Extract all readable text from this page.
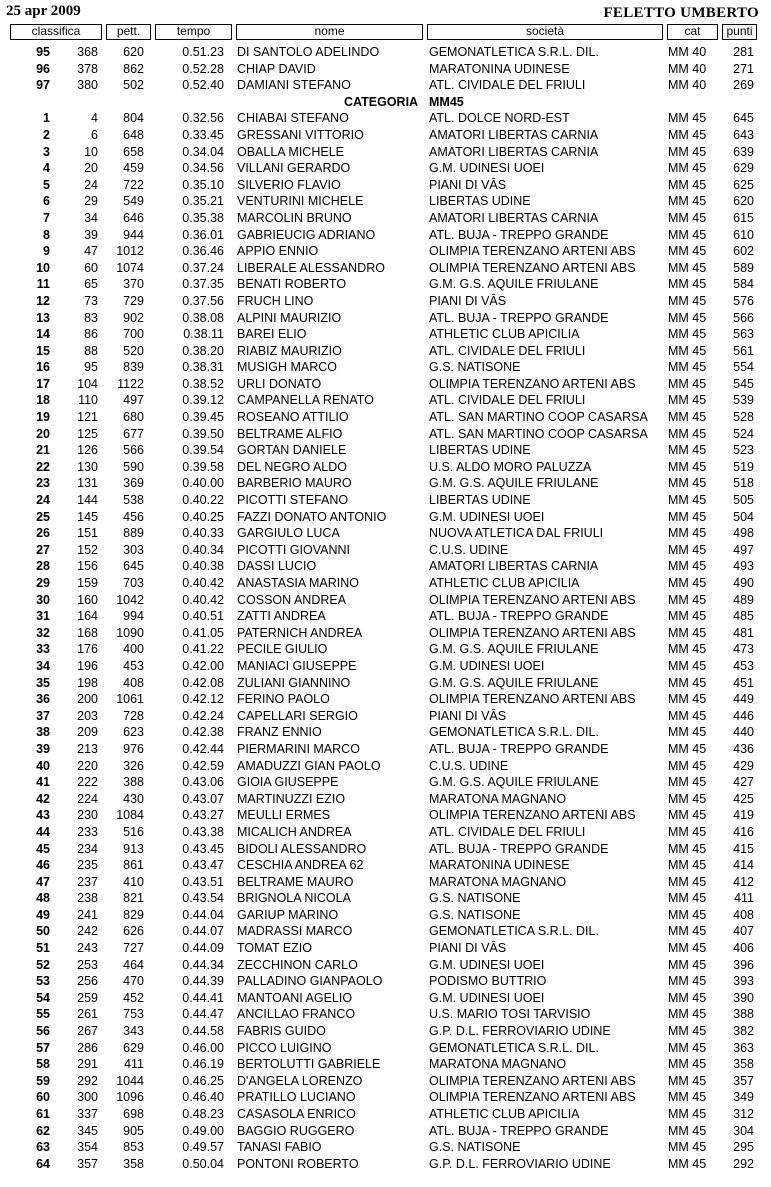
25 apr 2009	FELETTO UMBERTO
classifica	pett.	tempo	nome	società	cat	punti
95	368	620	0.51.23 DI SANTOLO ADELINDO	GEMONATLETICA S.R.L. DIL.	MM 40	281
96	378	862	0.52.28 CHIAP DAVID	MARATONINA UDINESE	MM 40	271
97	380	502	0.52.40 DAMIANI STEFANO	ATL. CIVIDALE DEL FRIULI	MM 40	269
CATEGORIA MM45
1	4	804	0.32.56 CHIABAI STEFANO	ATL. DOLCE NORD-EST	MM 45	645
2	6	648	0.33.45 GRESSANI VITTORIO	AMATORI LIBERTAS CARNIA	MM 45	643
3	10	658	0.34.04 OBALLA MICHELE	AMATORI LIBERTAS CARNIA	MM 45	639
4	20	459	0.34.56 VILLANI GERARDO	G.M. UDINESI UOEI	MM 45	629
5	24	722	0.35.10 SILVERIO FLAVIO	PIANI DI VÂS	MM 45	625
6	29	549	0.35.21 VENTURINI MICHELE	LIBERTAS UDINE	MM 45	620
7	34	646	0.35.38 MARCOLIN BRUNO	AMATORI LIBERTAS CARNIA	MM 45	615
8	39	944	0.36.01 GABRIEUCIG ADRIANO	ATL. BUJA - TREPPO GRANDE	MM 45	610
9	47	1012	0.36.46 APPIO ENNIO	OLIMPIA TERENZANO ARTENI ABS	MM 45	602
10	60	1074	0.37.24 LIBERALE ALESSANDRO	OLIMPIA TERENZANO ARTENI ABS	MM 45	589
11	65	370	0.37.35 BENATI ROBERTO	G.M. G.S. AQUILE FRIULANE	MM 45	584
12	73	729	0.37.56 FRUCH LINO	PIANI DI VÂS	MM 45	576
13	83	902	0.38.08 ALPINI MAURIZIO	ATL. BUJA - TREPPO GRANDE	MM 45	566
14	86	700	0.38.11 BAREI ELIO	ATHLETIC CLUB APICILIA	MM 45	563
15	88	520	0.38.20 RIABIZ MAURIZIO	ATL. CIVIDALE DEL FRIULI	MM 45	561
16	95	839	0.38.31 MUSIGH MARCO	G.S. NATISONE	MM 45	554
17	104	1122	0.38.52 URLI DONATO	OLIMPIA TERENZANO ARTENI ABS	MM 45	545
18	110	497	0.39.12 CAMPANELLA RENATO	ATL. CIVIDALE DEL FRIULI	MM 45	539
19	121	680	0.39.45 ROSEANO ATTILIO	ATL. SAN MARTINO COOP CASARSA MM 45	528
20	125	677	0.39.50 BELTRAME ALFIO	ATL. SAN MARTINO COOP CASARSA MM 45	524
21	126	566	0.39.54 GORTAN DANIELE	LIBERTAS UDINE	MM 45	523
22	130	590	0.39.58 DEL NEGRO ALDO	U.S. ALDO MORO PALUZZA	MM 45	519
23	131	369	0.40.00 BARBERIO MAURO	G.M. G.S. AQUILE FRIULANE	MM 45	518
24	144	538	0.40.22 PICOTTI STEFANO	LIBERTAS UDINE	MM 45	505
25	145	456	0.40.25 FAZZI DONATO ANTONIO	G.M. UDINESI UOEI	MM 45	504
26	151	889	0.40.33 GARGIULO LUCA	NUOVA ATLETICA DAL FRIULI	MM 45	498
27	152	303	0.40.34 PICOTTI GIOVANNI	C.U.S. UDINE	MM 45	497
28	156	645	0.40.38 DASSI LUCIO	AMATORI LIBERTAS CARNIA	MM 45	493
29	159	703	0.40.42 ANASTASIA MARINO	ATHLETIC CLUB APICILIA	MM 45	490
30	160	1042	0.40.42 COSSON ANDREA	OLIMPIA TERENZANO ARTENI ABS	MM 45	489
31	164	994	0.40.51 ZATTI ANDREA	ATL. BUJA - TREPPO GRANDE	MM 45	485
32	168	1090	0.41.05 PATERNICH ANDREA	OLIMPIA TERENZANO ARTENI ABS	MM 45	481
33	176	400	0.41.22 PECILE GIULIO	G.M. G.S. AQUILE FRIULANE	MM 45	473
34	196	453	0.42.00 MANIACI GIUSEPPE	G.M. UDINESI UOEI	MM 45	453
35	198	408	0.42.08 ZULIANI GIANNINO	G.M. G.S. AQUILE FRIULANE	MM 45	451
36	200	1061	0.42.12 FERINO PAOLO	OLIMPIA TERENZANO ARTENI ABS	MM 45	449
37	203	728	0.42.24 CAPELLARI SERGIO	PIANI DI VÂS	MM 45	446
38	209	623	0.42.38 FRANZ ENNIO	GEMONATLETICA S.R.L. DIL.	MM 45	440
39	213	976	0.42.44 PIERMARINI MARCO	ATL. BUJA - TREPPO GRANDE	MM 45	436
40	220	326	0.42.59 AMADUZZI GIAN PAOLO	C.U.S. UDINE	MM 45	429
41	222	388	0.43.06 GIOIA GIUSEPPE	G.M. G.S. AQUILE FRIULANE	MM 45	427
42	224	430	0.43.07 MARTINUZZI EZIO	MARATONA MAGNANO	MM 45	425
43	230	1084	0.43.27 MEULLI ERMES	OLIMPIA TERENZANO ARTENI ABS	MM 45	419
44	233	516	0.43.38 MICALICH ANDREA	ATL. CIVIDALE DEL FRIULI	MM 45	416
45	234	913	0.43.45 BIDOLI ALESSANDRO	ATL. BUJA - TREPPO GRANDE	MM 45	415
46	235	861	0.43.47 CESCHIA ANDREA 62	MARATONINA UDINESE	MM 45	414
47	237	410	0.43.51 BELTRAME MAURO	MARATONA MAGNANO	MM 45	412
48	238	821	0.43.54 BRIGNOLA NICOLA	G.S. NATISONE	MM 45	411
49	241	829	0.44.04 GARIUP MARINO	G.S. NATISONE	MM 45	408
50	242	626	0.44.07 MADRASSI MARCO	GEMONATLETICA S.R.L. DIL.	MM 45	407
51	243	727	0.44.09 TOMAT EZIO	PIANI DI VÂS	MM 45	406
52	253	464	0.44.34 ZECCHINON CARLO	G.M. UDINESI UOEI	MM 45	396
53	256	470	0.44.39 PALLADINO GIANPAOLO	PODISMO BUTTRIO	MM 45	393
54	259	452	0.44.41 MANTOANI AGELIO	G.M. UDINESI UOEI	MM 45	390
55	261	753	0.44.47 ANCILLAO FRANCO	U.S. MARIO TOSI TARVISIO	MM 45	388
56	267	343	0.44.58 FABRIS GUIDO	G.P. D.L. FERROVIARIO UDINE	MM 45	382
57	286	629	0.46.00 PICCO LUIGINO	GEMONATLETICA S.R.L. DIL.	MM 45	363
58	291	411	0.46.19 BERTOLUTTI GABRIELE	MARATONA MAGNANO	MM 45	358
59	292	1044	0.46.25 D'ANGELA LORENZO	OLIMPIA TERENZANO ARTENI ABS	MM 45	357
60	300	1096	0.46.40 PRATILLO LUCIANO	OLIMPIA TERENZANO ARTENI ABS	MM 45	349
61	337	698	0.48.23 CASASOLA ENRICO	ATHLETIC CLUB APICILIA	MM 45	312
62	345	905	0.49.00 BAGGIO RUGGERO	ATL. BUJA - TREPPO GRANDE	MM 45	304
63	354	853	0.49.57 TANASI FABIO	G.S. NATISONE	MM 45	295
64	357	358	0.50.04 PONTONI ROBERTO	G.P. D.L. FERROVIARIO UDINE	MM 45	292
